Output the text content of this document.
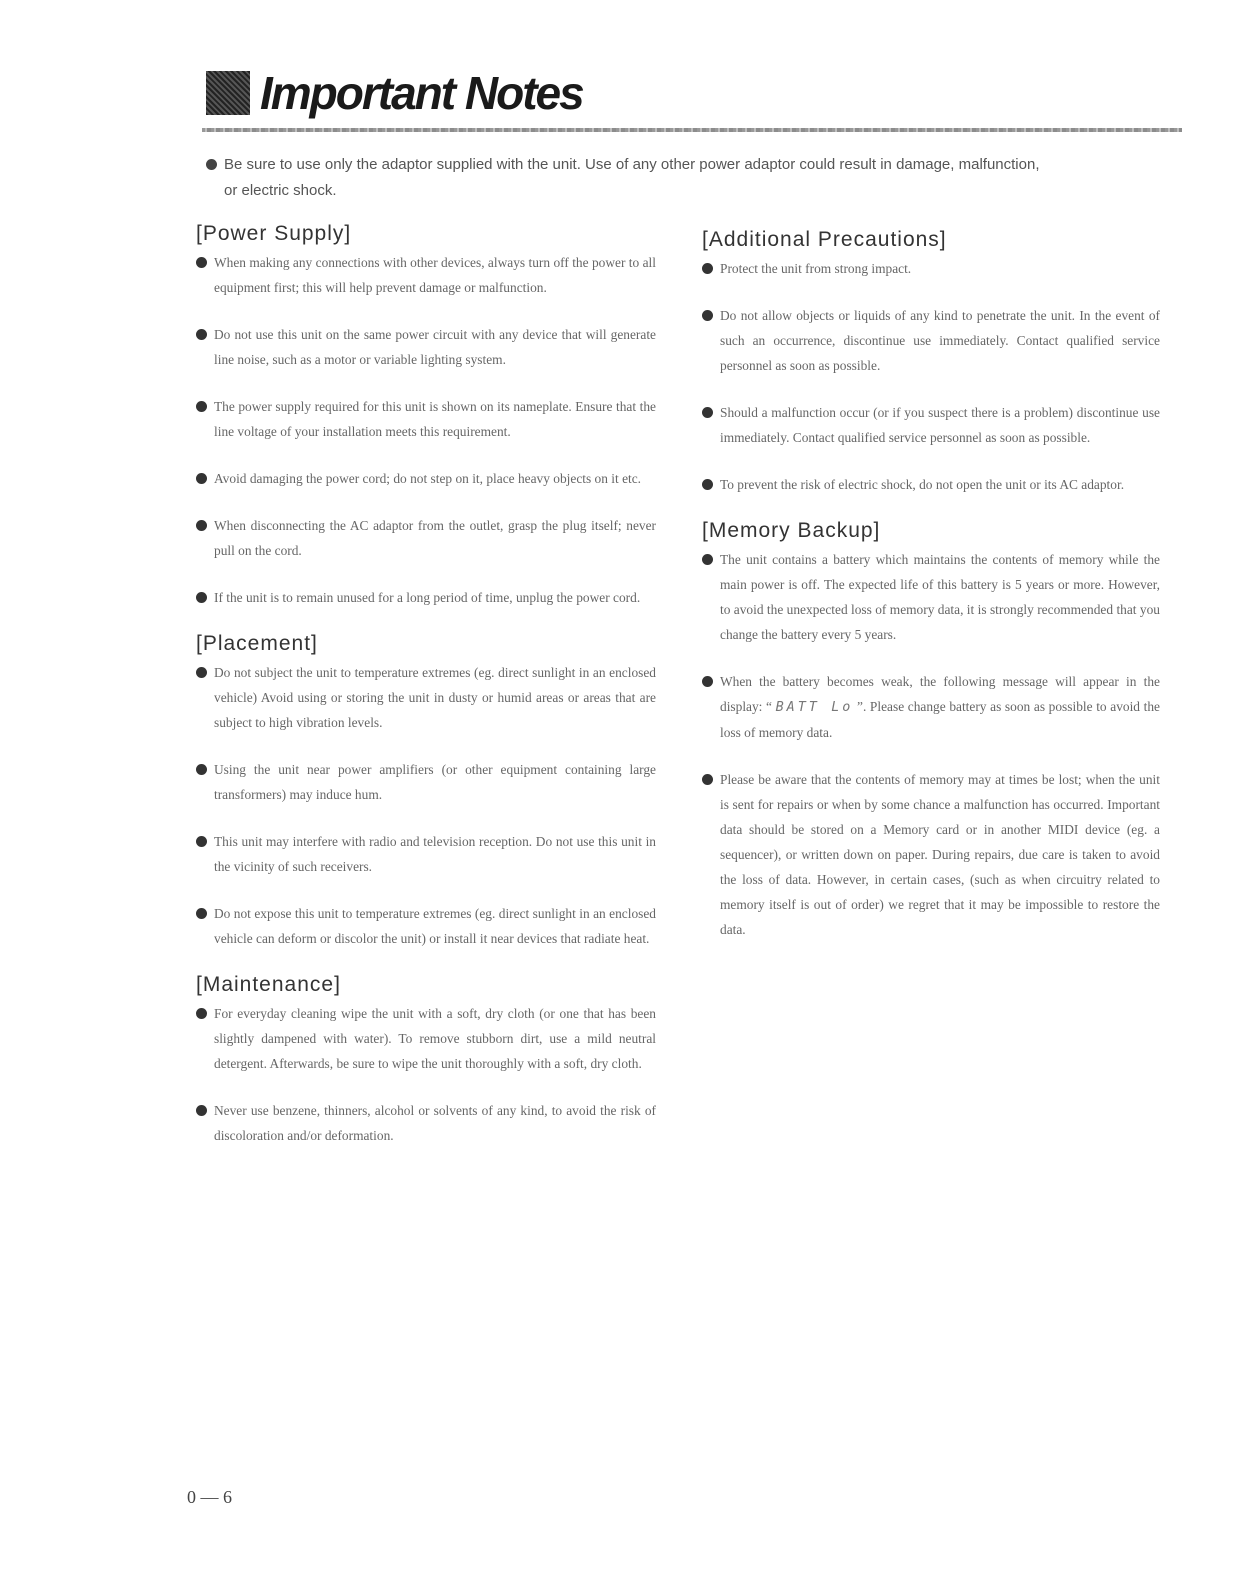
Important Notes
Be sure to use only the adaptor supplied with the unit. Use of any other power adaptor could result in damage, malfunction,
or electric shock.
[Power Supply]

When making any connections with other devices, always turn off the power to all equipment first; this will help prevent damage or malfunction.

Do not use this unit on the same power circuit with any device that will generate line noise, such as a motor or variable lighting system.

The power supply required for this unit is shown on its nameplate. Ensure that the line voltage of your installation meets this requirement.

Avoid damaging the power cord; do not step on it, place heavy objects on it etc.

When disconnecting the AC adaptor from the outlet, grasp the plug itself; never pull on the cord.

If the unit is to remain unused for a long period of time, unplug the power cord.

[Placement]

Do not subject the unit to temperature extremes (eg. direct sunlight in an enclosed vehicle) Avoid using or storing the unit in dusty or humid areas or areas that are subject to high vibration levels.

Using the unit near power amplifiers (or other equipment containing large transformers) may induce hum.

This unit may interfere with radio and television reception. Do not use this unit in the vicinity of such receivers.

Do not expose this unit to temperature extremes (eg. direct sunlight in an enclosed vehicle can deform or discolor the unit) or install it near devices that radiate heat.

[Maintenance]

For everyday cleaning wipe the unit with a soft, dry cloth (or one that has been slightly dampened with water). To remove stubborn dirt, use a mild neutral detergent. Afterwards, be sure to wipe the unit thoroughly with a soft, dry cloth.

Never use benzene, thinners, alcohol or solvents of any kind, to avoid the risk of discoloration and/or deformation.

[Additional Precautions]

Protect the unit from strong impact.

Do not allow objects or liquids of any kind to penetrate the unit. In the event of such an occurrence, discontinue use immediately. Contact qualified service personnel as soon as possible.

Should a malfunction occur (or if you suspect there is a problem) discontinue use immediately. Contact qualified service personnel as soon as possible.

To prevent the risk of electric shock, do not open the unit or its AC adaptor.

[Memory Backup]

The unit contains a battery which maintains the contents of memory while the main power is off. The expected life of this battery is 5 years or more. However, to avoid the unexpected loss of memory data, it is strongly recommended that you change the battery every 5 years.

When the battery becomes weak, the following message will appear in the display: “ BATT Lo ”. Please change battery as soon as possible to avoid the loss of memory data.

Please be aware that the contents of memory may at times be lost; when the unit is sent for repairs or when by some chance a malfunction has occurred. Important data should be stored on a Memory card or in another MIDI device (eg. a sequencer), or written down on paper. During repairs, due care is taken to avoid the loss of data. However, in certain cases, (such as when circuitry related to memory itself is out of order) we regret that it may be impossible to restore the data.

0 — 6
